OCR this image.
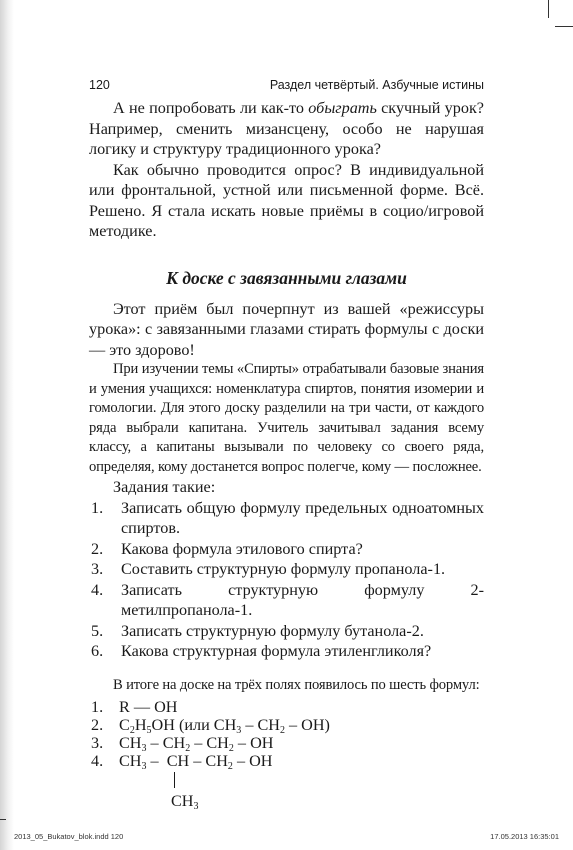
120	Раздел четвёртый. Азбучные истины

А не попробовать ли как-то обыграть скучный урок? Например, сменить мизансцену, особо не нарушая логику и структуру традиционного урока?

Как обычно проводится опрос? В индивидуальной или фронтальной, устной или письменной форме. Всё. Решено. Я стала искать новые приёмы в социо/игровой методике.

К доске с завязанными глазами

Этот приём был почерпнут из вашей «режиссуры урока»: с завязанными глазами стирать формулы с доски — это здорово!

При изучении темы «Спирты» отрабатывали базовые знания и умения учащихся: номенклатура спиртов, понятия изомерии и гомологии. Для этого доску разделили на три части, от каждого ряда выбрали капитана. Учитель зачитывал задания всему классу, а капитаны вызывали по человеку со своего ряда, определяя, кому достанется вопрос полегче, кому — посложнее.

Задания такие:

1.	Записать общую формулу предельных одноатомных спиртов.
2.	Какова формула этилового спирта?
3.	Составить структурную формулу пропанола-1.
4.	Записать структурную формулу 2-метилпропанола-1.
5.	Записать структурную формулу бутанола-2.
6.	Какова структурная формула этиленгликоля?

В итоге на доске на трёх полях появилось по шесть формул:

1. R — OH
2. $C_2H_5OH$ (или $CH_3 - CH_2 - OH$)
3. $CH_3 - CH_2 - CH_2$ – OH
4. $CH_3$ –  CH – $CH_2$ – OH
$CH_3$
2013_05_Bukatov_blok.indd 120	17.05.2013 16:35:01
